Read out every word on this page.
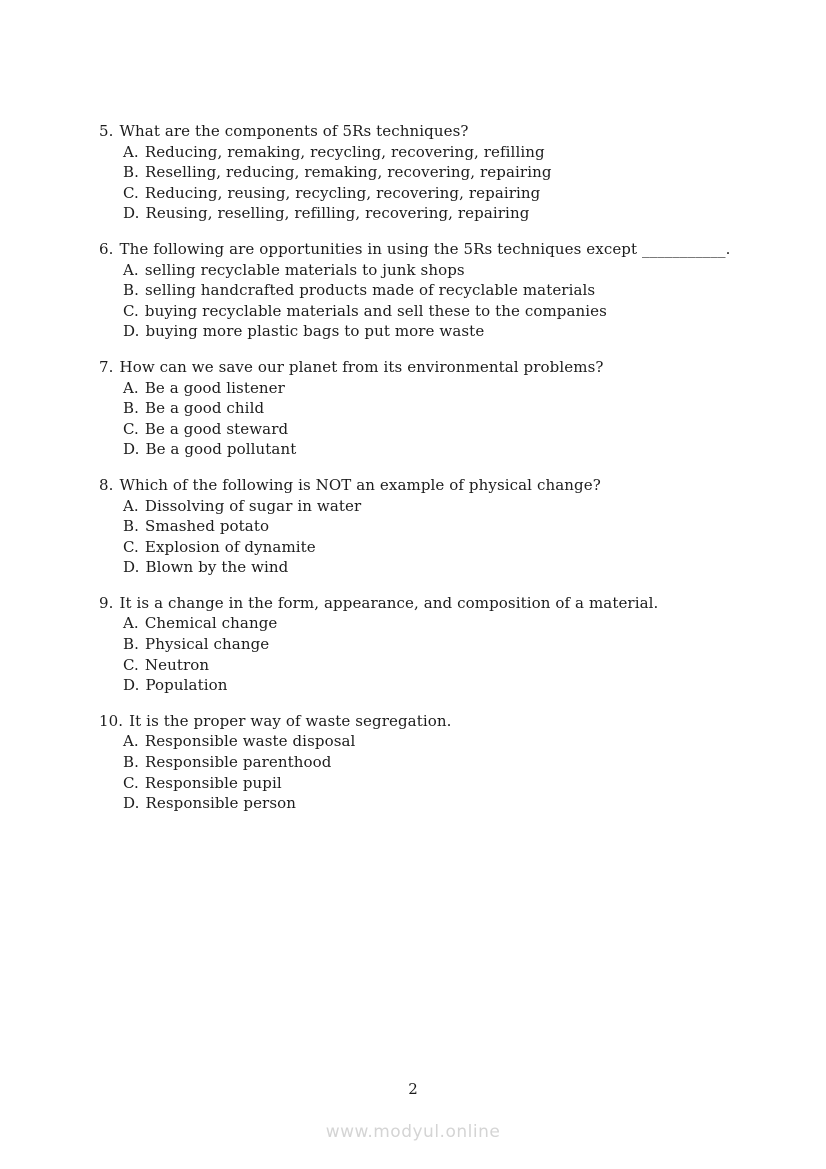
5. What are the components of 5Rs techniques?
A. Reducing, remaking, recycling, recovering, refilling
B. Reselling, reducing, remaking, recovering, repairing
C. Reducing, reusing, recycling, recovering, repairing
D. Reusing, reselling, refilling, recovering, repairing
6. The following are opportunities in using the 5Rs techniques except ___________.
A. selling recyclable materials to junk shops
B. selling handcrafted products made of recyclable materials
C. buying recyclable materials and sell these to the companies
D. buying more plastic bags to put more waste
7. How can we save our planet from its environmental problems?
A. Be a good listener
B. Be a good child
C. Be a good steward
D. Be a good pollutant
8. Which of the following is NOT an example of physical change?
A. Dissolving of sugar in water
B. Smashed potato
C. Explosion of dynamite
D. Blown by the wind
9. It is a change in the form, appearance, and composition of a material.
A. Chemical change
B. Physical change
C. Neutron
D. Population
10. It is the proper way of waste segregation.
A. Responsible waste disposal
B. Responsible parenthood
C. Responsible pupil
D. Responsible person
2
www.modyul.online
